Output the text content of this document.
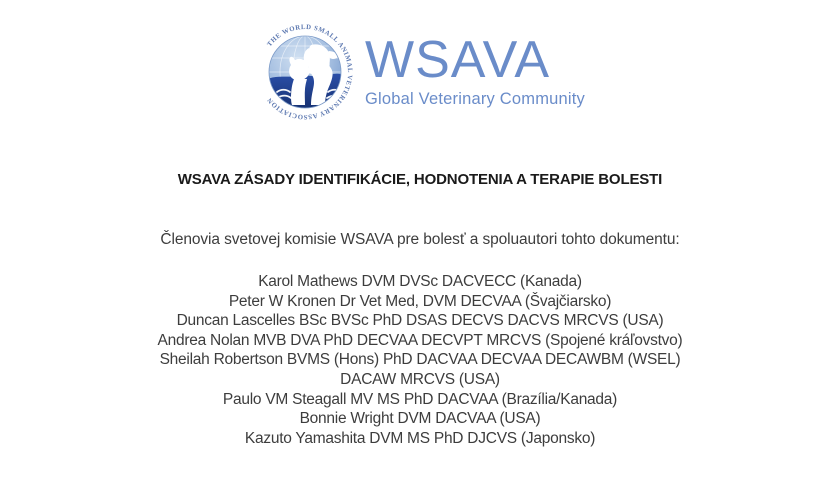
THE WORLD SMALL ANIMAL VETERINARY ASSOCIATION
WSAVA
Global Veterinary Community
WSAVA ZÁSADY IDENTIFIKÁCIE, HODNOTENIA A TERAPIE BOLESTI
Členovia svetovej komisie WSAVA pre bolesť a spoluautori tohto dokumentu:
Karol Mathews DVM DVSc DACVECC (Kanada)
Peter W Kronen Dr Vet Med, DVM DECVAA (Švajčiarsko)
Duncan Lascelles BSc BVSc PhD DSAS DECVS DACVS MRCVS (USA)
Andrea Nolan MVB DVA PhD DECVAA DECVPT MRCVS (Spojené kráľovstvo)
Sheilah Robertson BVMS (Hons) PhD DACVAA DECVAA DECAWBM (WSEL)
DACAW MRCVS (USA)
Paulo VM Steagall MV MS PhD DACVAA (Brazília/Kanada)
Bonnie Wright DVM DACVAA (USA)
Kazuto Yamashita DVM MS PhD DJCVS (Japonsko)
